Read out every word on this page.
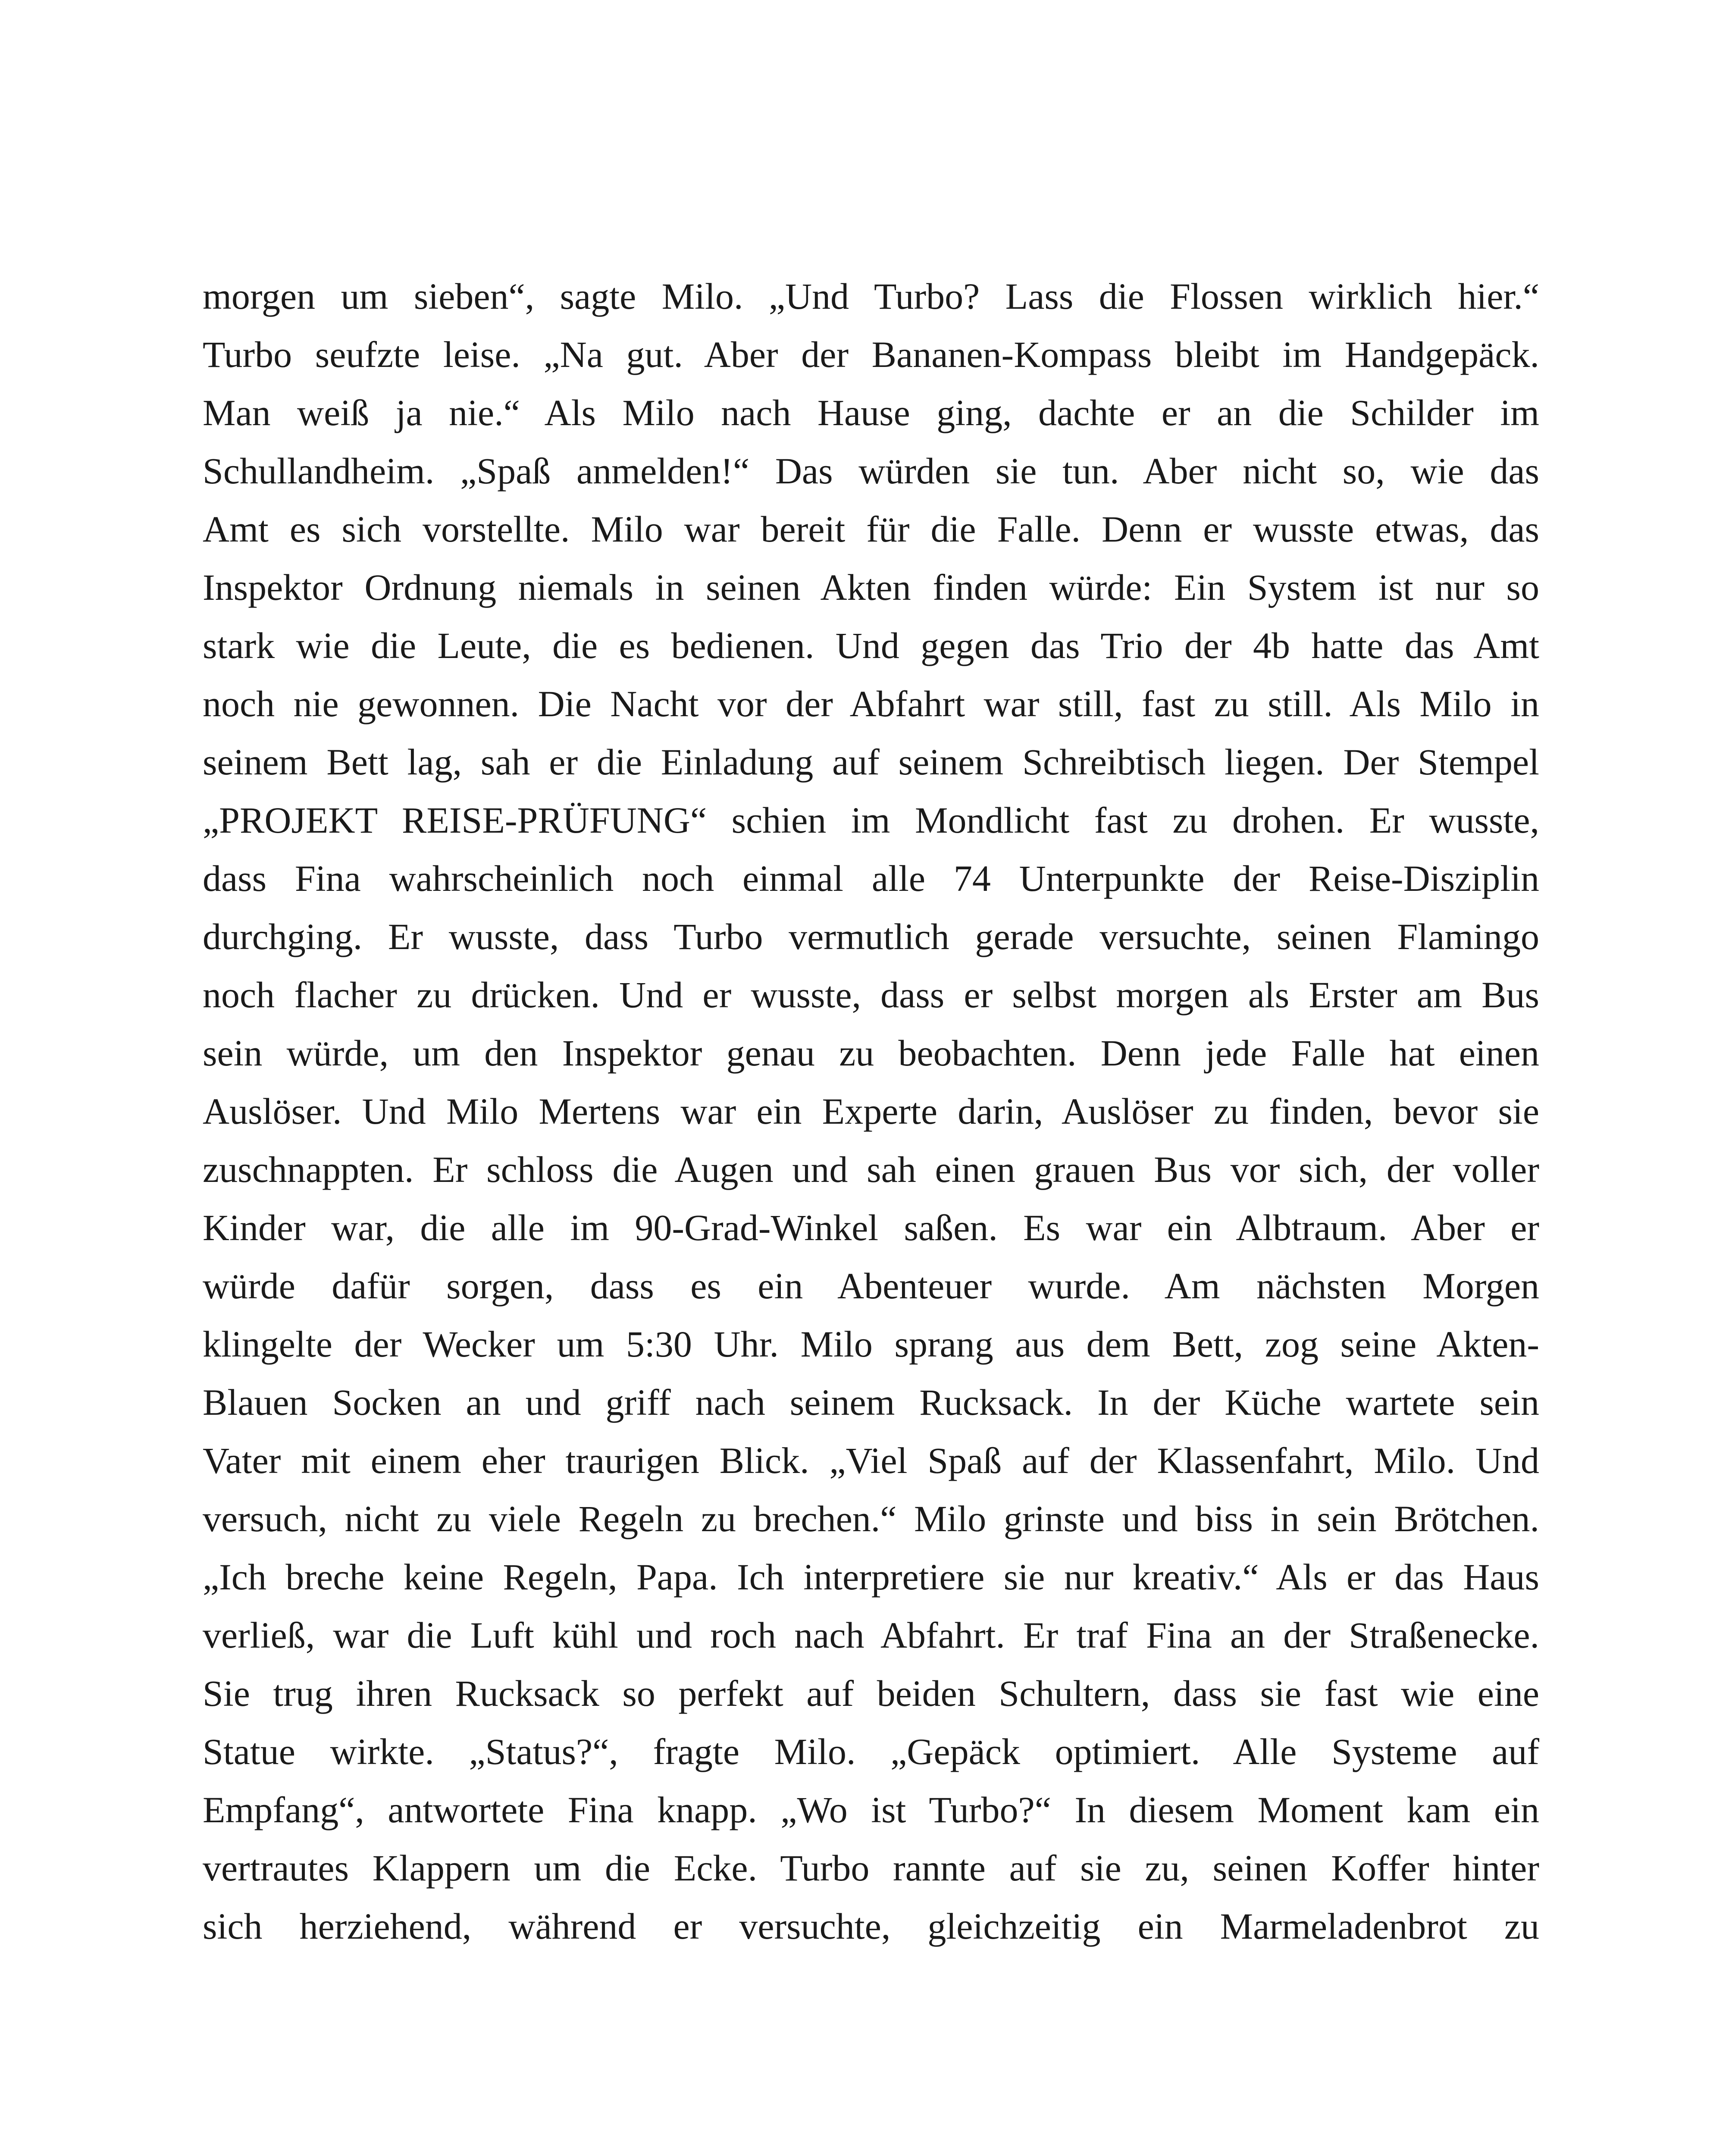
morgen um sieben“, sagte Milo. „Und Turbo? Lass die Flossen wirklich hier.“
Turbo seufzte leise. „Na gut. Aber der Bananen-Kompass bleibt im Handgepäck.
Man weiß ja nie.“ Als Milo nach Hause ging, dachte er an die Schilder im
Schullandheim. „Spaß anmelden!“ Das würden sie tun. Aber nicht so, wie das
Amt es sich vorstellte. Milo war bereit für die Falle. Denn er wusste etwas, das
Inspektor Ordnung niemals in seinen Akten finden würde: Ein System ist nur so
stark wie die Leute, die es bedienen. Und gegen das Trio der 4b hatte das Amt
noch nie gewonnen. Die Nacht vor der Abfahrt war still, fast zu still. Als Milo in
seinem Bett lag, sah er die Einladung auf seinem Schreibtisch liegen. Der Stempel
„PROJEKT REISE-PRÜFUNG“ schien im Mondlicht fast zu drohen. Er wusste,
dass Fina wahrscheinlich noch einmal alle 74 Unterpunkte der Reise-Disziplin
durchging. Er wusste, dass Turbo vermutlich gerade versuchte, seinen Flamingo
noch flacher zu drücken. Und er wusste, dass er selbst morgen als Erster am Bus
sein würde, um den Inspektor genau zu beobachten. Denn jede Falle hat einen
Auslöser. Und Milo Mertens war ein Experte darin, Auslöser zu finden, bevor sie
zuschnappten. Er schloss die Augen und sah einen grauen Bus vor sich, der voller
Kinder war, die alle im 90-Grad-Winkel saßen. Es war ein Albtraum. Aber er
würde dafür sorgen, dass es ein Abenteuer wurde. Am nächsten Morgen
klingelte der Wecker um 5:30 Uhr. Milo sprang aus dem Bett, zog seine Akten-
Blauen Socken an und griff nach seinem Rucksack. In der Küche wartete sein
Vater mit einem eher traurigen Blick. „Viel Spaß auf der Klassenfahrt, Milo. Und
versuch, nicht zu viele Regeln zu brechen.“ Milo grinste und biss in sein Brötchen.
„Ich breche keine Regeln, Papa. Ich interpretiere sie nur kreativ.“ Als er das Haus
verließ, war die Luft kühl und roch nach Abfahrt. Er traf Fina an der Straßenecke.
Sie trug ihren Rucksack so perfekt auf beiden Schultern, dass sie fast wie eine
Statue wirkte. „Status?“, fragte Milo. „Gepäck optimiert. Alle Systeme auf
Empfang“, antwortete Fina knapp. „Wo ist Turbo?“ In diesem Moment kam ein
vertrautes Klappern um die Ecke. Turbo rannte auf sie zu, seinen Koffer hinter
sich herziehend, während er versuchte, gleichzeitig ein Marmeladenbrot zu
